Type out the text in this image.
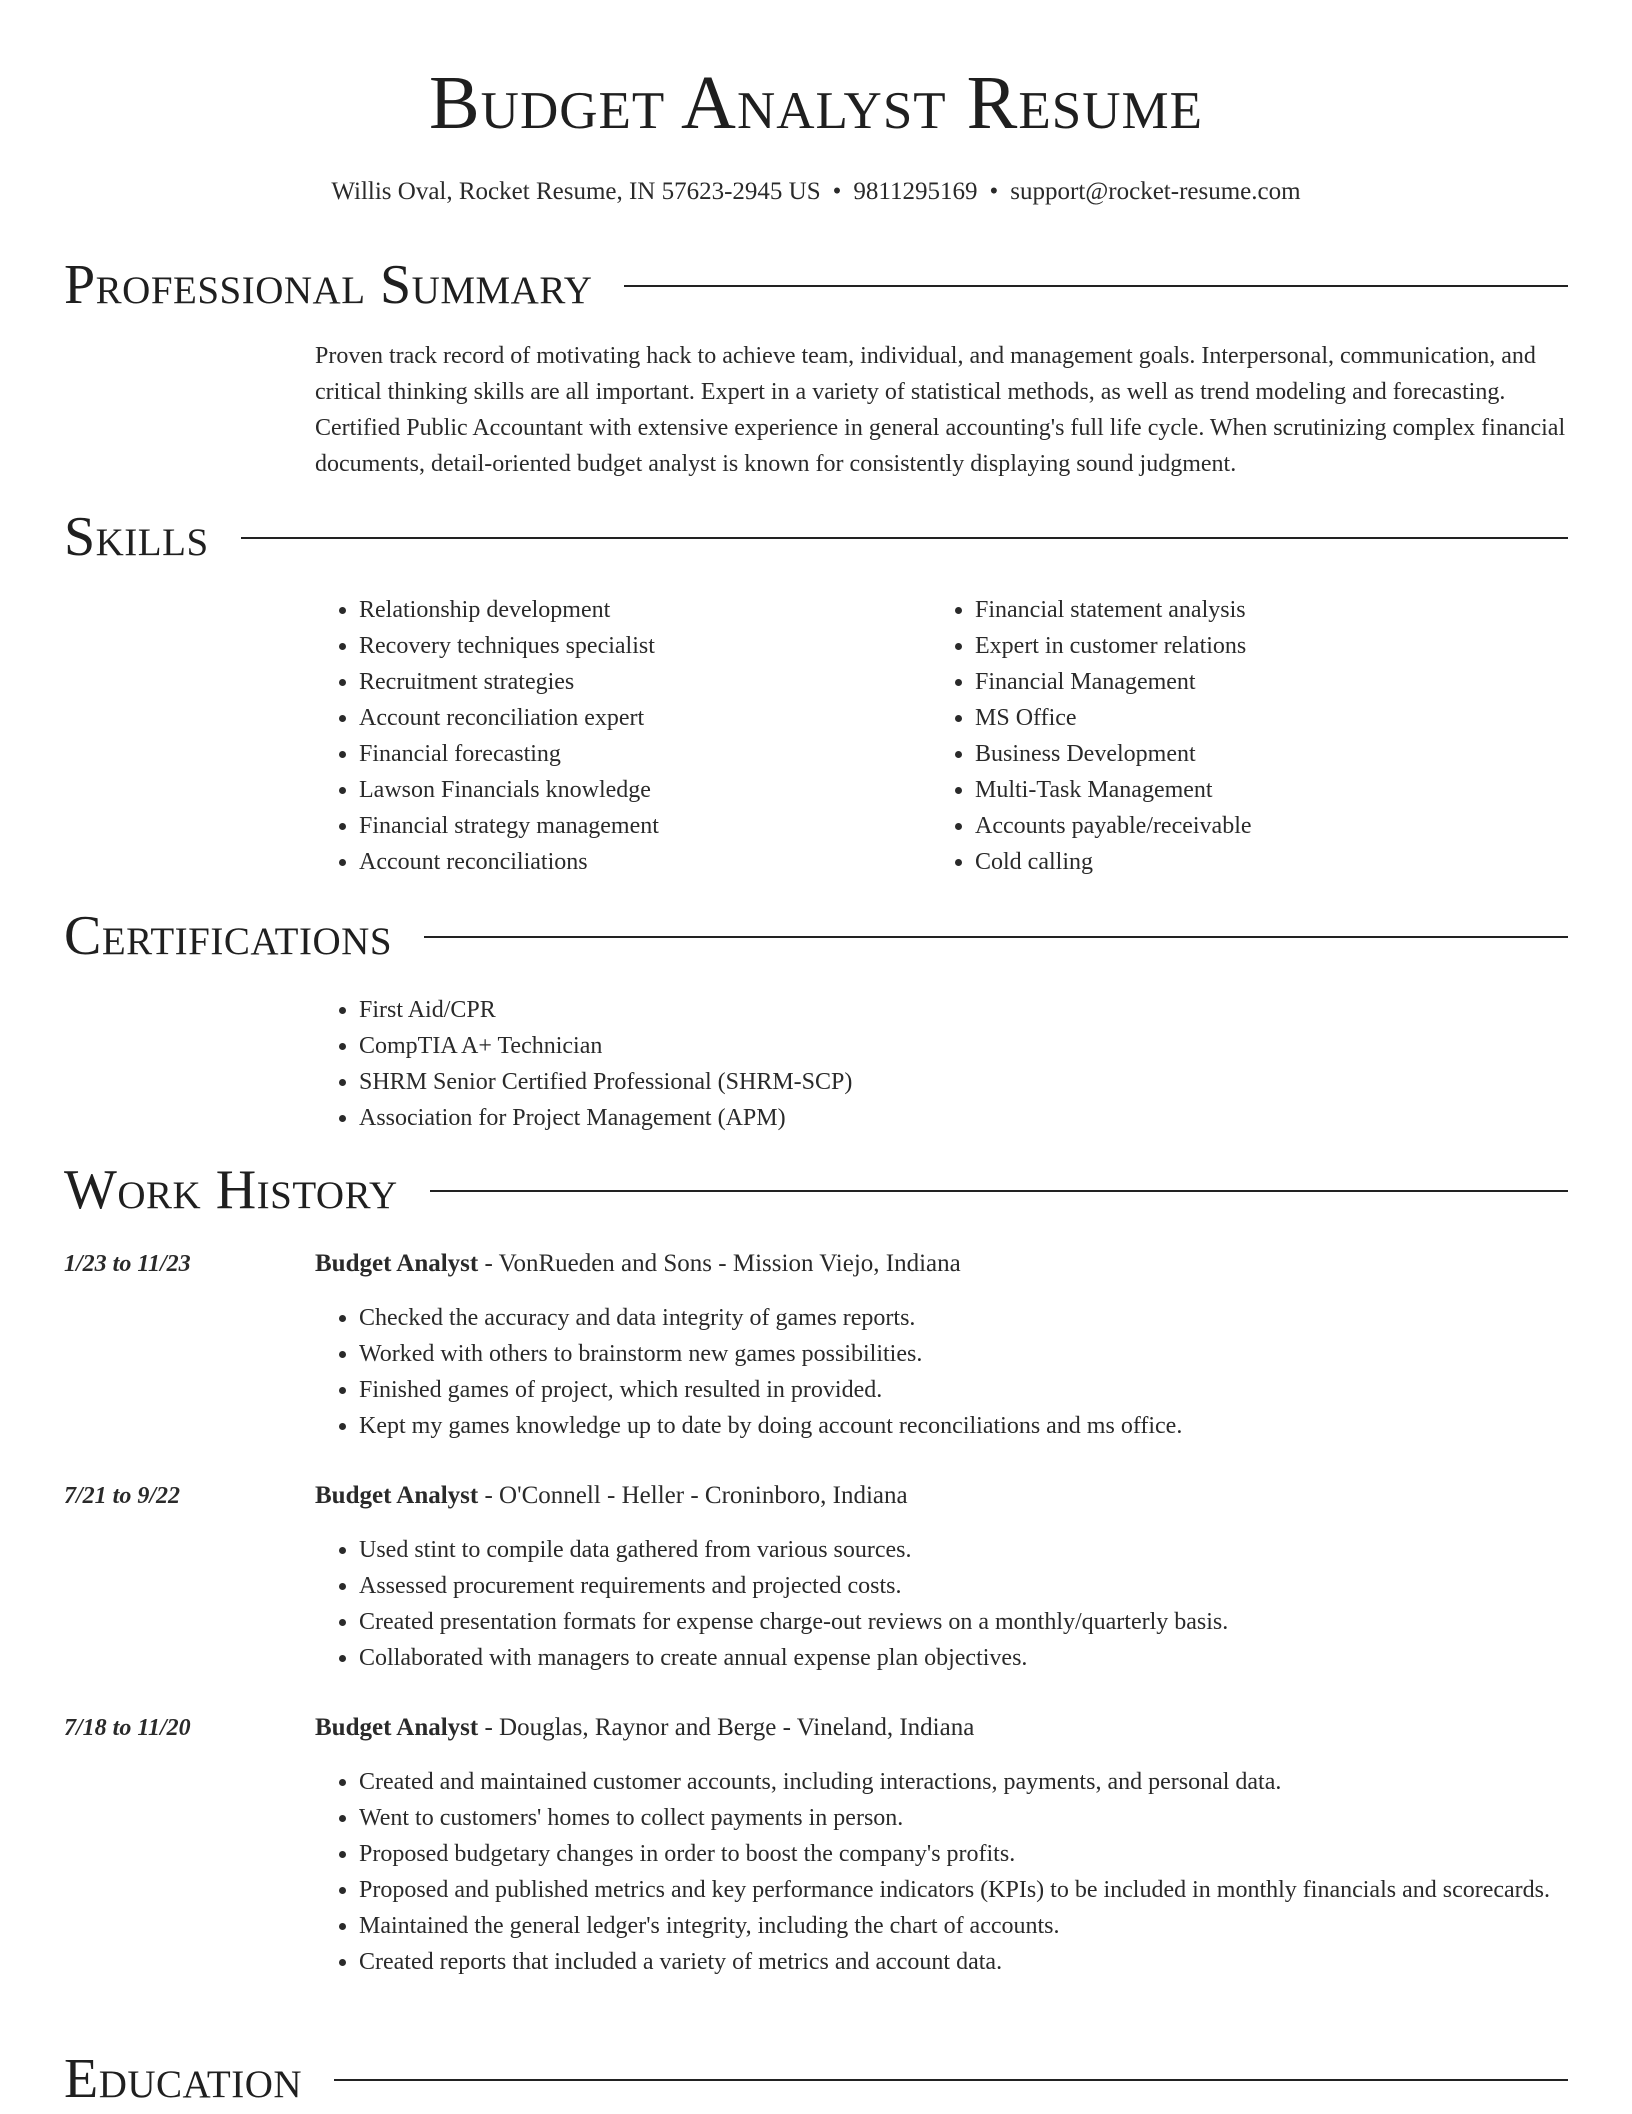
Budget Analyst Resume
Willis Oval, Rocket Resume, IN 57623-2945 US • 9811295169 • support@rocket-resume.com
Professional Summary

Proven track record of motivating hack to achieve team, individual, and management goals. Interpersonal, communication, and critical thinking skills are all important. Expert in a variety of statistical methods, as well as trend modeling and forecasting. Certified Public Accountant with extensive experience in general accounting's full life cycle. When scrutinizing complex financial documents, detail-oriented budget analyst is known for consistently displaying sound judgment.

Skills
• Relationship development
• Recovery techniques specialist
• Recruitment strategies
• Account reconciliation expert
• Financial forecasting
• Lawson Financials knowledge
• Financial strategy management
• Account reconciliations
• Financial statement analysis
• Expert in customer relations
• Financial Management
• MS Office
• Business Development
• Multi-Task Management
• Accounts payable/receivable
• Cold calling
Certifications
• First Aid/CPR
• CompTIA A+ Technician
• SHRM Senior Certified Professional (SHRM-SCP)
• Association for Project Management (APM)
Work History
1/23 to 11/23	Budget Analyst - VonRueden and Sons - Mission Viejo, Indiana
• Checked the accuracy and data integrity of games reports.
• Worked with others to brainstorm new games possibilities.
• Finished games of project, which resulted in provided.
• Kept my games knowledge up to date by doing account reconciliations and ms office.
7/21 to 9/22	Budget Analyst - O'Connell - Heller - Croninboro, Indiana
• Used stint to compile data gathered from various sources.
• Assessed procurement requirements and projected costs.
• Created presentation formats for expense charge-out reviews on a monthly/quarterly basis.
• Collaborated with managers to create annual expense plan objectives.
7/18 to 11/20	Budget Analyst - Douglas, Raynor and Berge - Vineland, Indiana
• Created and maintained customer accounts, including interactions, payments, and personal data.
• Went to customers' homes to collect payments in person.
• Proposed budgetary changes in order to boost the company's profits.
• Proposed and published metrics and key performance indicators (KPIs) to be included in monthly financials and scorecards.
• Maintained the general ledger's integrity, including the chart of accounts.
• Created reports that included a variety of metrics and account data.
Education
